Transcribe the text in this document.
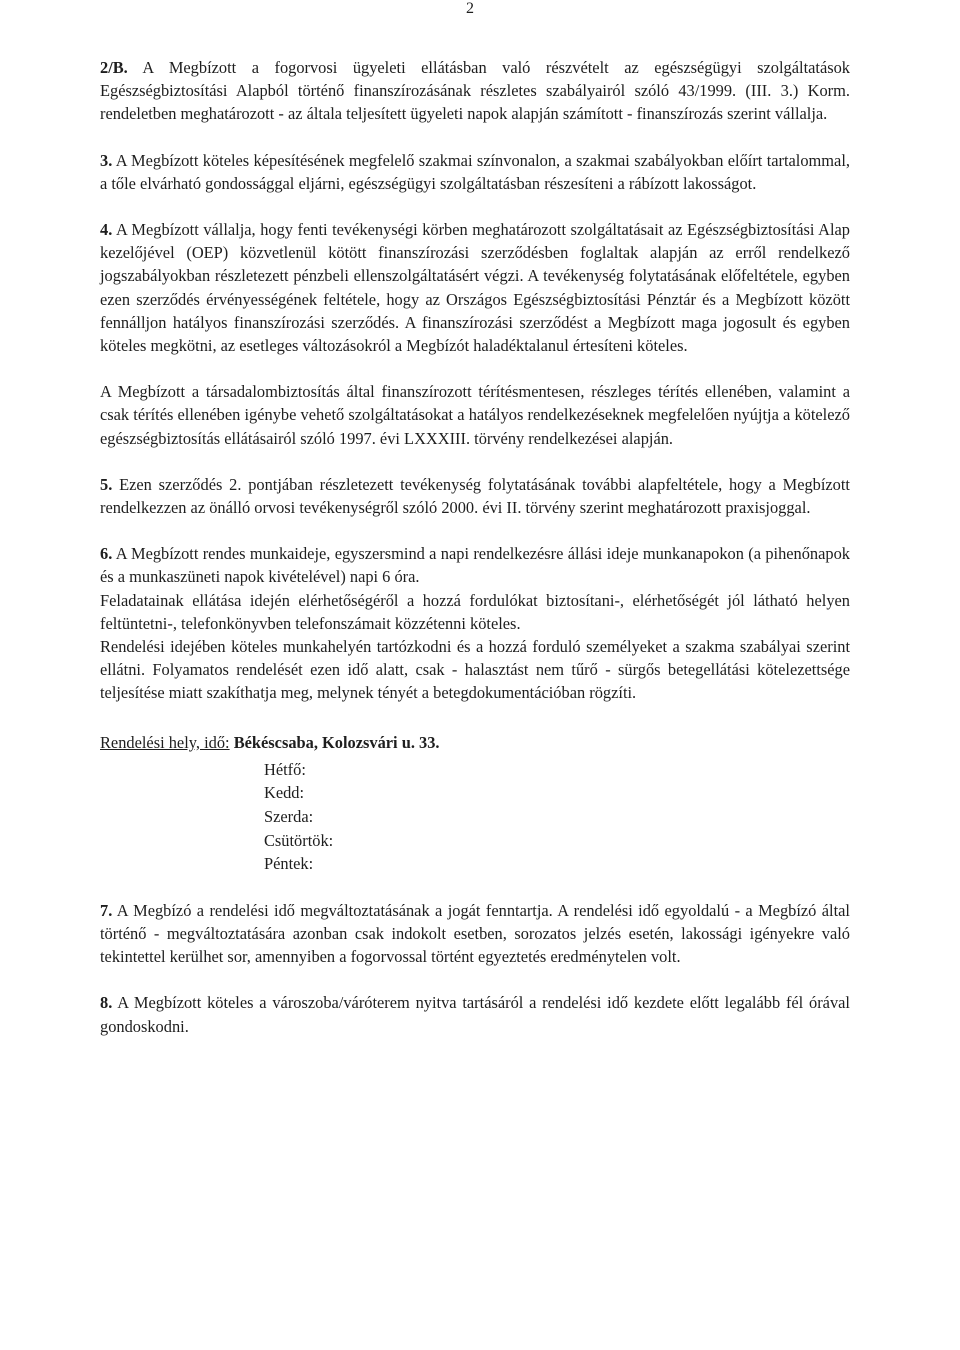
2

2/B. A Megbízott a fogorvosi ügyeleti ellátásban való részvételt az egészségügyi szolgáltatások Egészségbiztosítási Alapból történő finanszírozásának részletes szabályairól szóló 43/1999. (III. 3.) Korm. rendeletben meghatározott - az általa teljesített ügyeleti napok alapján számított - finanszírozás szerint vállalja.

3. A Megbízott köteles képesítésének megfelelő szakmai színvonalon, a szakmai szabályokban előírt tartalommal, a tőle elvárható gondossággal eljárni, egészségügyi szolgáltatásban részesíteni a rábízott lakosságot.

4. A Megbízott vállalja, hogy fenti tevékenységi körben meghatározott szolgáltatásait az Egészségbiztosítási Alap kezelőjével (OEP) közvetlenül kötött finanszírozási szerződésben foglaltak alapján az erről rendelkező jogszabályokban részletezett pénzbeli ellenszolgáltatásért végzi. A tevékenység folytatásának előfeltétele, egyben ezen szerződés érvényességének feltétele, hogy az Országos Egészségbiztosítási Pénztár és a Megbízott között fennálljon hatályos finanszírozási szerződés. A finanszírozási szerződést a Megbízott maga jogosult és egyben köteles megkötni, az esetleges változásokról a Megbízót haladéktalanul értesíteni köteles.

A Megbízott a társadalombiztosítás által finanszírozott térítésmentesen, részleges térítés ellenében, valamint a csak térítés ellenében igénybe vehető szolgáltatásokat a hatályos rendelkezéseknek megfelelően nyújtja a kötelező egészségbiztosítás ellátásairól szóló 1997. évi LXXXIII. törvény rendelkezései alapján.

5. Ezen szerződés 2. pontjában részletezett tevékenység folytatásának további alapfeltétele, hogy a Megbízott rendelkezzen az önálló orvosi tevékenységről szóló 2000. évi II. törvény szerint meghatározott praxisjoggal.

6. A Megbízott rendes munkaideje, egyszersmind a napi rendelkezésre állási ideje munkanapokon (a pihenőnapok és a munkaszüneti napok kivételével) napi 6 óra.

Feladatainak ellátása idején elérhetőségéről a hozzá fordulókat biztosítani-, elérhetőségét jól látható helyen feltüntetni-, telefonkönyvben telefonszámait közzétenni köteles.

Rendelési idejében köteles munkahelyén tartózkodni és a hozzá forduló személyeket a szakma szabályai szerint ellátni. Folyamatos rendelését ezen idő alatt, csak - halasztást nem tűrő - sürgős betegellátási kötelezettsége teljesítése miatt szakíthatja meg, melynek tényét a betegdokumentációban rögzíti.

Rendelési hely, idő: Békéscsaba, Kolozsvári u. 33.

Hétfő:
Kedd:
Szerda:
Csütörtök:
Péntek:

7. A Megbízó a rendelési idő megváltoztatásának a jogát fenntartja. A rendelési idő egyoldalú - a Megbízó által történő - megváltoztatására azonban csak indokolt esetben, sorozatos jelzés esetén, lakossági igényekre való tekintettel kerülhet sor, amennyiben a fogorvossal történt egyeztetés eredménytelen volt.

8. A Megbízott köteles a városzoba/váróterem nyitva tartásáról a rendelési idő kezdete előtt legalább fél órával gondoskodni.
